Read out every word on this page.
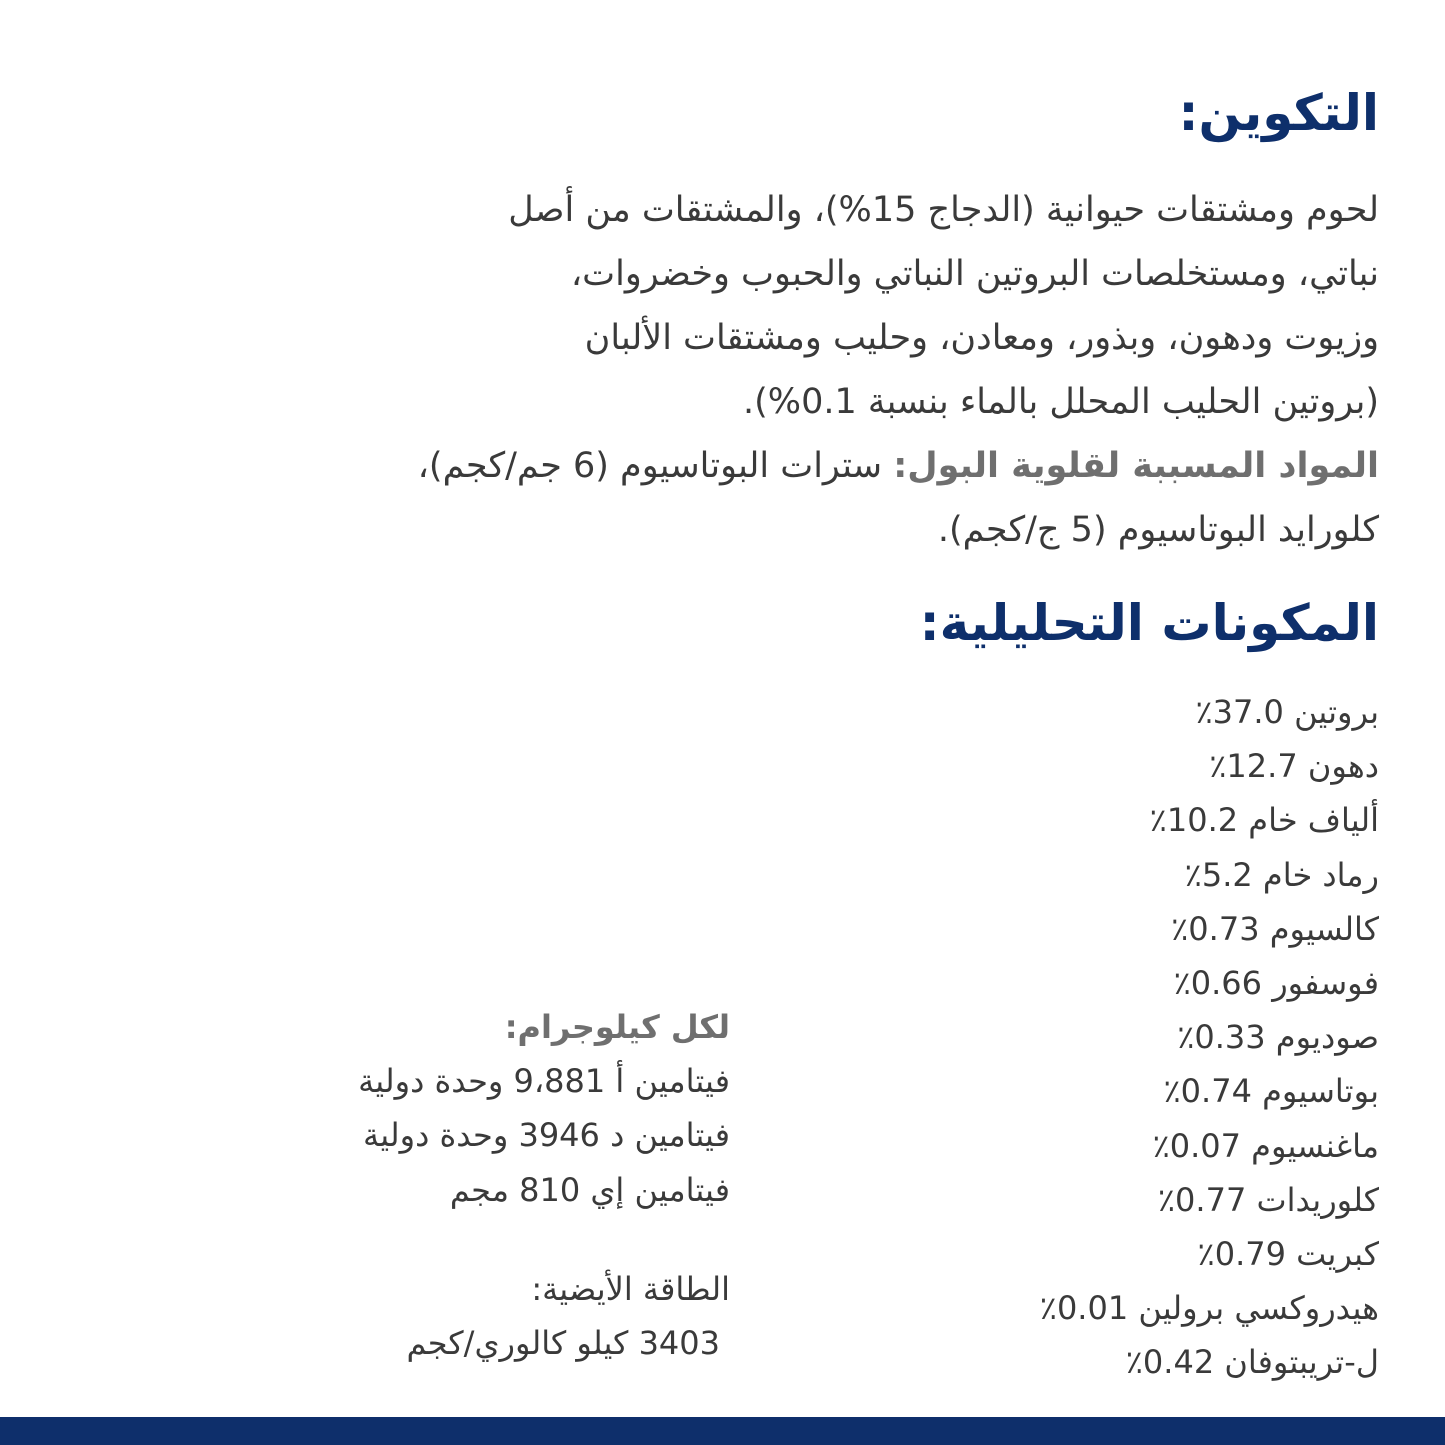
التكوين:

لحوم ومشتقات حيوانية (الدجاج 15%)، والمشتقات من أصل
نباتي، ومستخلصات البروتين النباتي والحبوب وخضروات،
وزيوت ودهون، وبذور، ومعادن، وحليب ومشتقات الألبان
(بروتين الحليب المحلل بالماء بنسبة 0.1%).
المواد المسببة لقلوية البول: سترات البوتاسيوم (6 جم/كجم)،
كلورايد البوتاسيوم (5 ج/كجم).

المكونات التحليلية:
بروتين 37.0٪
دهون 12.7٪
ألياف خام 10.2٪
رماد خام 5.2٪
كالسيوم 0.73٪
فوسفور 0.66٪
صوديوم 0.33٪
بوتاسيوم 0.74٪
ماغنسيوم 0.07٪
كلوريدات 0.77٪
كبريت 0.79٪
هيدروكسي برولين 0.01٪
ل-تريبتوفان 0.42٪
لكل كيلوجرام:
فيتامين أ 9،881 وحدة دولية
فيتامين د 3946 وحدة دولية
فيتامين إي 810 مجم
الطاقة الأيضية:
3403 كيلو كالوري/كجم
